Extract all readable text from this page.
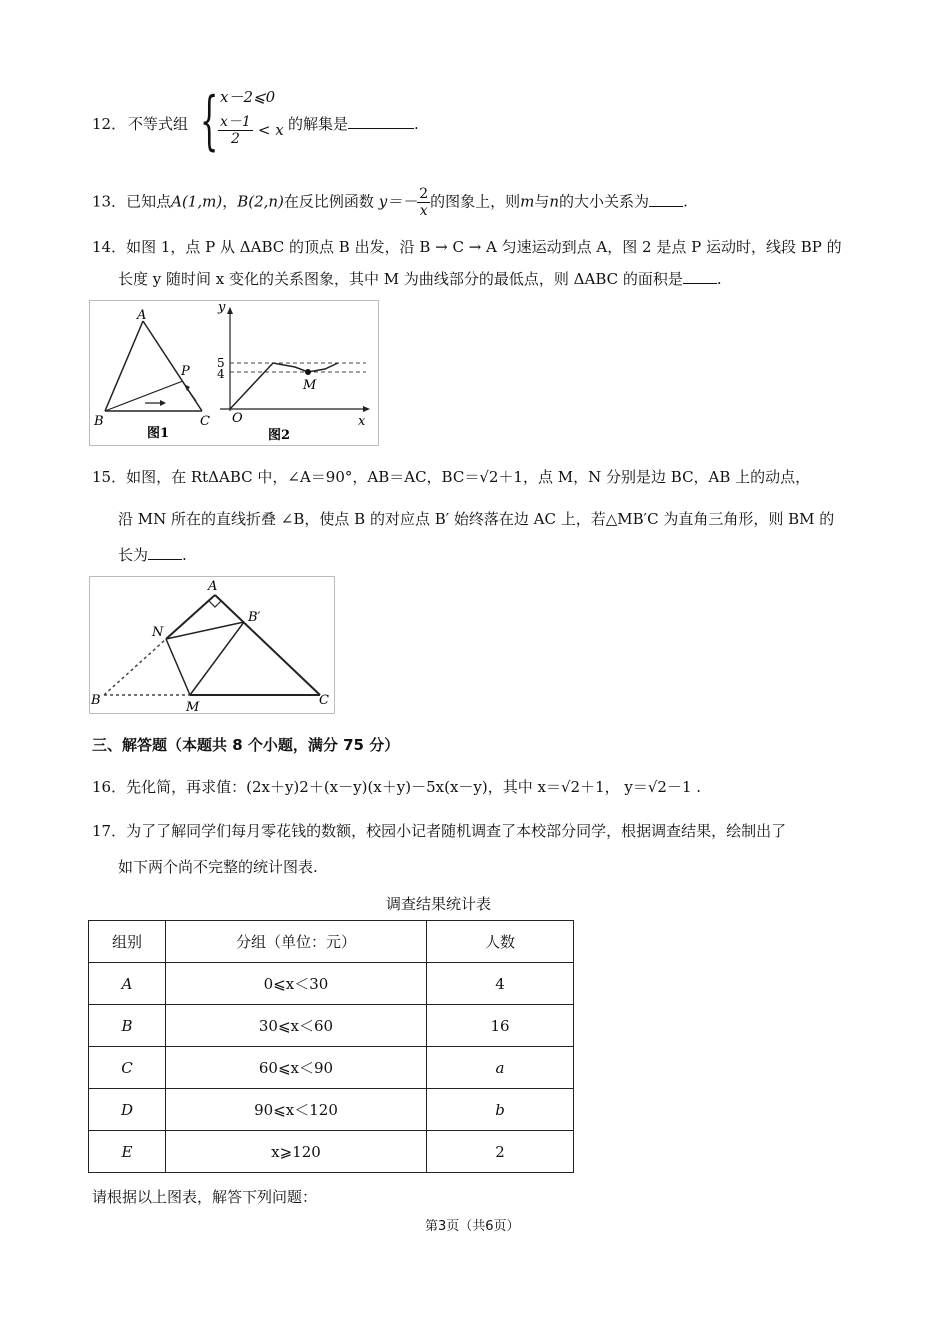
12． 不等式组 { x－2⩽0
$\frac{x-1}{2} < x$ 的解集是	.
13．已知点A(1,m)，B(2,n)在反比例函数 $y=- \frac{2}{x}$ 的图象上，则m与n的大小关系为 .
14．如图 1，点 P 从 ΔABC 的顶点 B 出发，沿 B → C → A 匀速运动到点 A，图 2 是点 P 运动时，线段 BP 的
长度 y 随时间 x 变化的关系图象，其中 M 为曲线部分的最低点，则 ΔABC 的面积是 .
A
B	C
P
图1
y
x
O
M
5
4
图2
15．如图，在 RtΔABC 中，∠A＝90°，AB＝AC，BC＝√2＋1，点 M，N 分别是边 BC，AB 上的动点，
沿 MN 所在的直线折叠 ∠B，使点 B 的对应点 B′ 始终落在边 AC 上，若△MB′C 为直角三角形，则 BM 的
长为 .
A
B	C
N
M
B′
三、解答题（本题共 8 个小题，满分 75 分）
16．先化简，再求值：(2x＋y)2＋(x－y)(x＋y)－5x(x－y)，其中 x＝√2＋1， y＝√2－1 .
17．为了了解同学们每月零花钱的数额，校园小记者随机调查了本校部分同学，根据调查结果，绘制出了
如下两个尚不完整的统计图表.
调查结果统计表
组别	分组（单位：元）	人数
A	0⩽x＜30	4
B	30⩽x＜60	16
C	60⩽x＜90	a
D	90⩽x＜120	b
E	x⩾120	2
请根据以上图表，解答下列问题：
第3页（共6页）
